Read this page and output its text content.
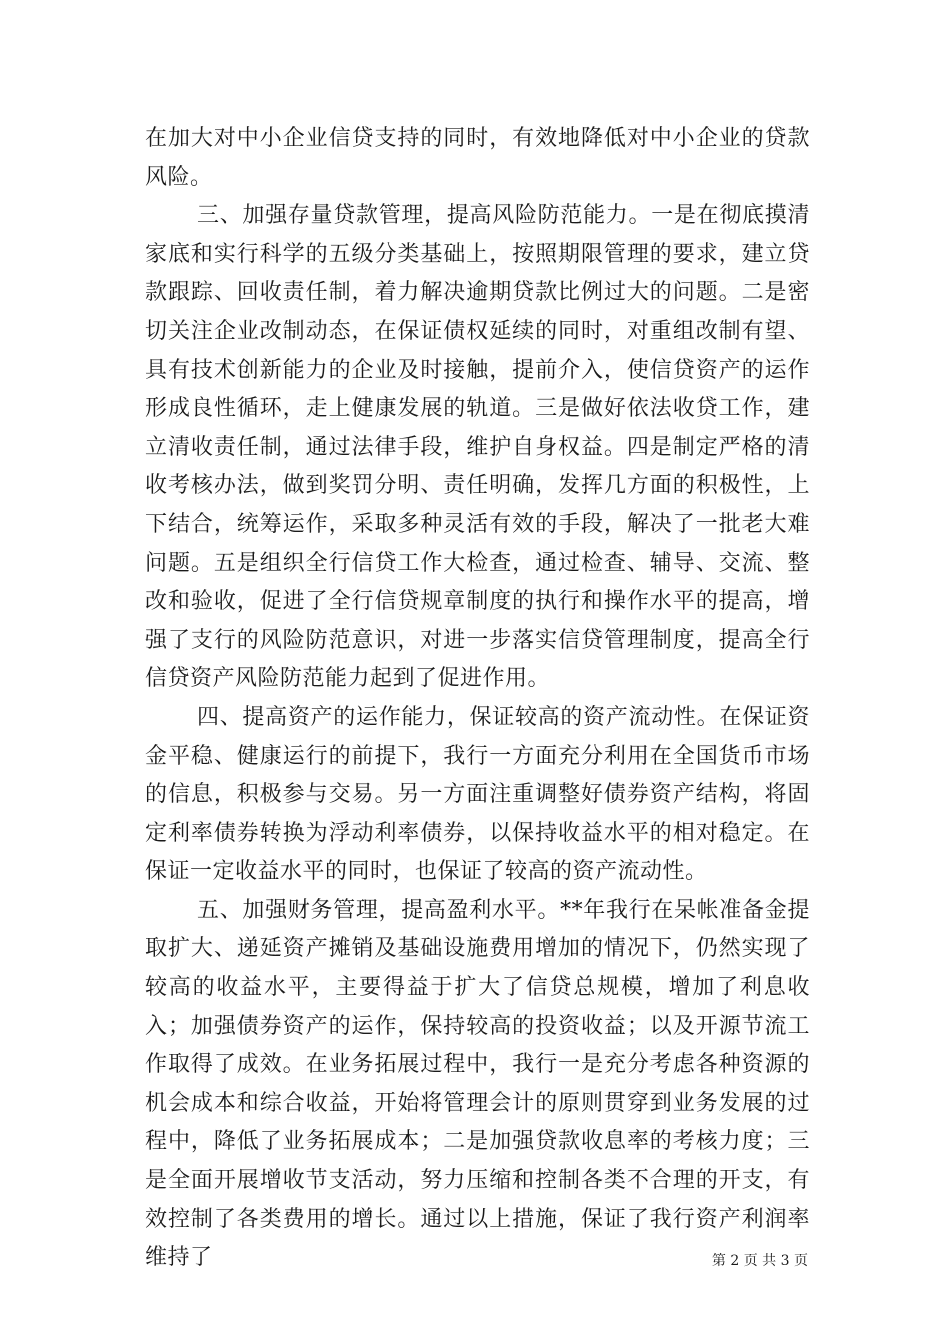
在加大对中小企业信贷支持的同时，有效地降低对中小企业的贷款风险。

三、加强存量贷款管理，提高风险防范能力。一是在彻底摸清家底和实行科学的五级分类基础上，按照期限管理的要求，建立贷款跟踪、回收责任制，着力解决逾期贷款比例过大的问题。二是密切关注企业改制动态，在保证债权延续的同时，对重组改制有望、具有技术创新能力的企业及时接触，提前介入，使信贷资产的运作形成良性循环，走上健康发展的轨道。三是做好依法收贷工作，建立清收责任制，通过法律手段，维护自身权益。四是制定严格的清收考核办法，做到奖罚分明、责任明确，发挥几方面的积极性，上下结合，统筹运作，采取多种灵活有效的手段，解决了一批老大难问题。五是组织全行信贷工作大检查，通过检查、辅导、交流、整改和验收，促进了全行信贷规章制度的执行和操作水平的提高，增强了支行的风险防范意识，对进一步落实信贷管理制度，提高全行信贷资产风险防范能力起到了促进作用。

四、提高资产的运作能力，保证较高的资产流动性。在保证资金平稳、健康运行的前提下，我行一方面充分利用在全国货币市场的信息，积极参与交易。另一方面注重调整好债券资产结构，将固定利率债券转换为浮动利率债券，以保持收益水平的相对稳定。在保证一定收益水平的同时，也保证了较高的资产流动性。

五、加强财务管理，提高盈利水平。**年我行在呆帐准备金提取扩大、递延资产摊销及基础设施费用增加的情况下，仍然实现了较高的收益水平，主要得益于扩大了信贷总规模，增加了利息收入；加强债券资产的运作，保持较高的投资收益；以及开源节流工作取得了成效。在业务拓展过程中，我行一是充分考虑各种资源的机会成本和综合收益，开始将管理会计的原则贯穿到业务发展的过程中，降低了业务拓展成本；二是加强贷款收息率的考核力度；三是全面开展增收节支活动，努力压缩和控制各类不合理的开支，有效控制了各类费用的增长。通过以上措施，保证了我行资产利润率维持了	第 2 页 共 3 页
